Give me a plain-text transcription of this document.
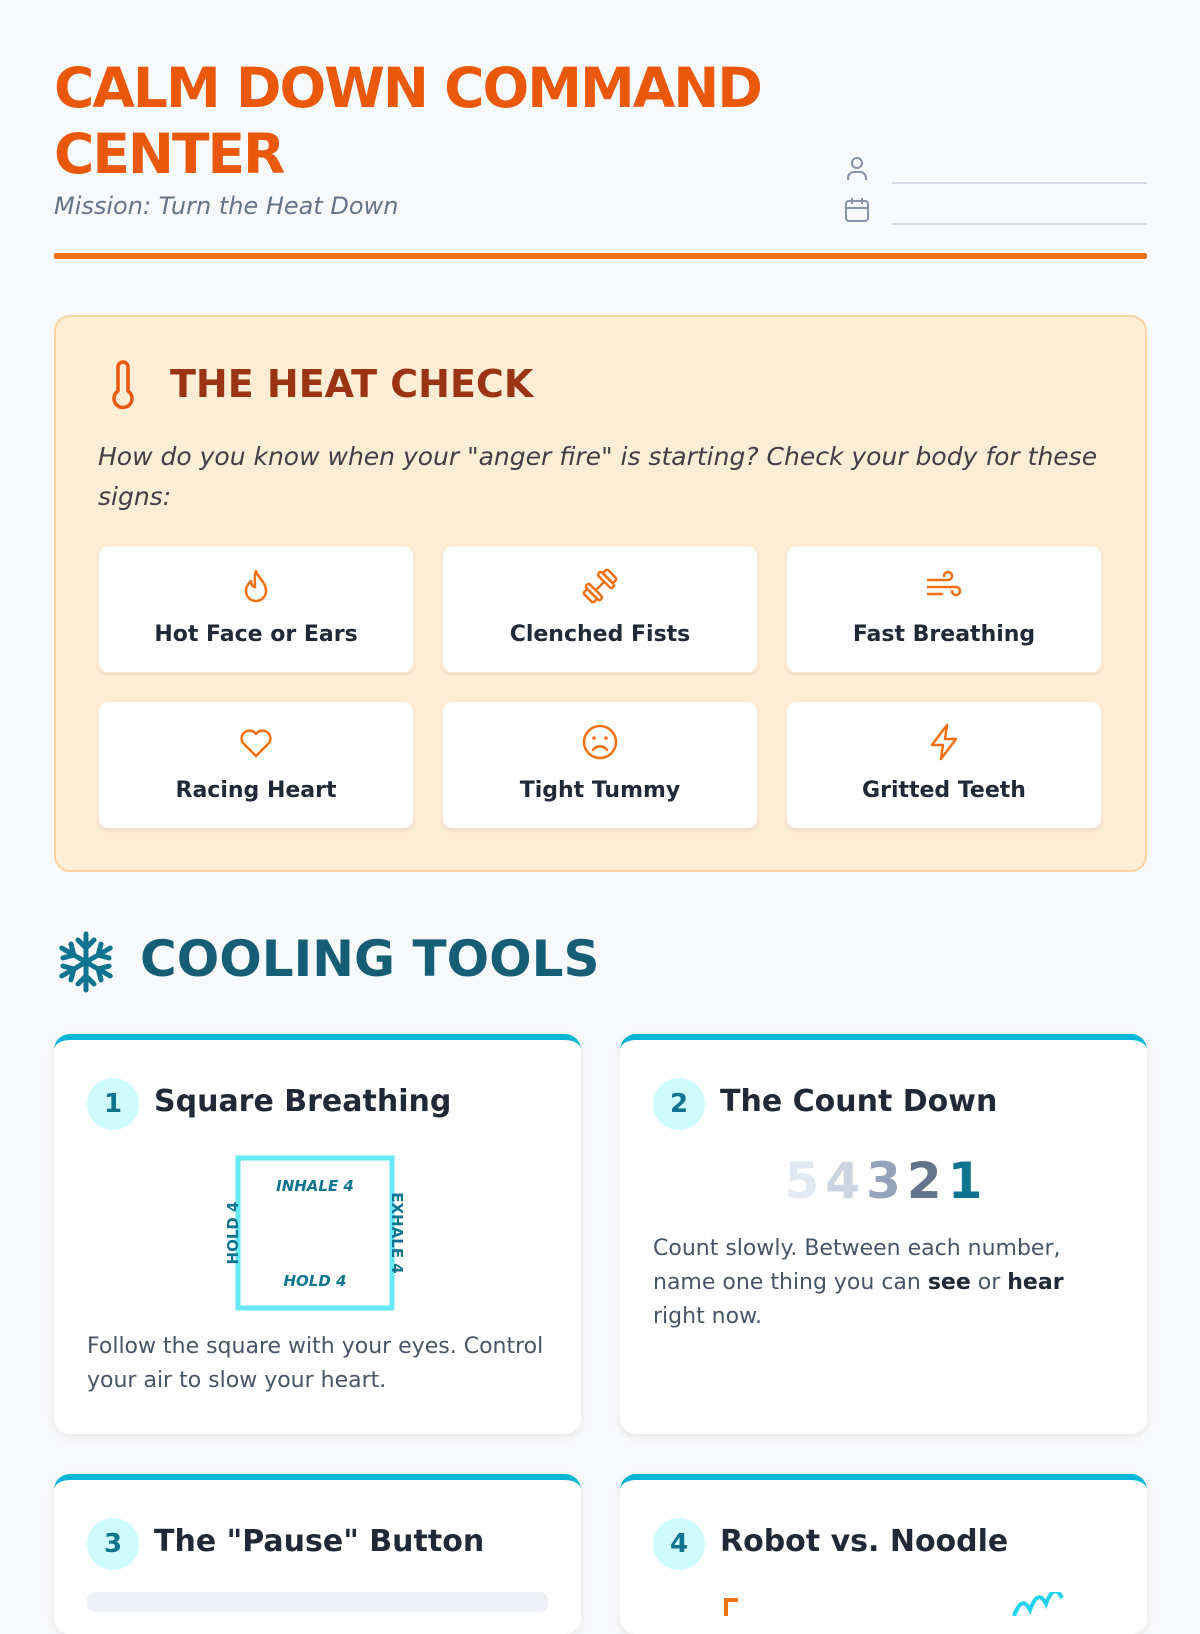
CALM DOWN COMMAND CENTER
Mission: Turn the Heat Down
THE HEAT CHECK
How do you know when your "anger fire" is starting? Check your body for these signs:
Hot Face or Ears	Clenched Fists	Fast Breathing
Racing Heart	Tight Tummy	Gritted Teeth
COOLING TOOLS
1	Square Breathing
INHALE 4
HOLD 4
EXHALE 4
HOLD 4
Follow the square with your eyes. Control your air to slow your heart.
2	The Count Down
5 4 3 2 1
Count slowly. Between each number, name one thing you can see or hear right now.
3	The "Pause" Button	4	Robot vs. Noodle
